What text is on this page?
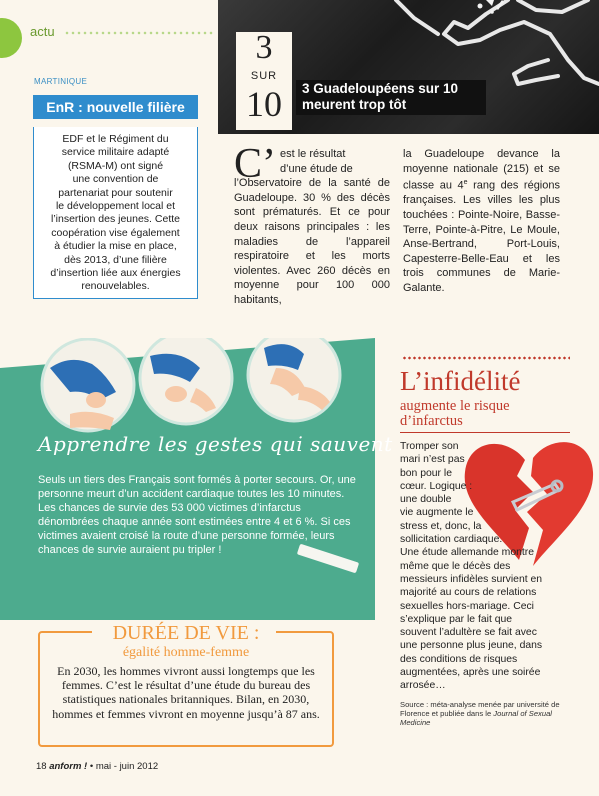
actu
MARTINIQUE
EnR : nouvelle filière
EDF et le Régiment du
service militaire adapté
(RSMA-M) ont signé
une convention de
partenariat pour soutenir
le développement local et
l’insertion des jeunes. Cette
coopération vise également
à étudier la mise en place,
dès 2013, d’une filière
d’insertion liée aux énergies
renouvelables.
3
SUR
10	3 Guadeloupéens sur 10
meurent trop tôt
C’ est le résultat
d’une étude de
l’Observatoire de la santé de Guadeloupe. 30 % des décès sont prématurés. Et ce pour deux raisons principales : les maladies de l’appareil respiratoire et les morts violentes. Avec 260 décès en moyenne pour 100 000 habitants,
la Guadeloupe devance la moyenne nationale (215) et se classe au 4e rang des régions françaises. Les villes les plus touchées : Pointe-Noire, Basse-Terre, Pointe-à-Pitre, Le Moule, Anse-Bertrand, Port-Louis, Capesterre-Belle-Eau et les trois communes de Marie-Galante.
Apprendre les gestes qui sauvent
Seuls un tiers des Français sont formés à porter secours. Or, une personne meurt d’un accident cardiaque toutes les 10 minutes. Les chances de survie des 53 000 victimes d’infarctus dénombrées chaque année sont estimées entre 4 et 6 %. Si ces victimes avaient croisé la route d’une personne formée, leurs chances de survie auraient pu tripler !
DURÉE DE VIE :
égalité homme-femme
En 2030, les hommes vivront aussi longtemps que les femmes. C’est le résultat d’une étude du bureau des statistiques nationales britanniques. Bilan, en 2030, hommes et femmes vivront en moyenne jusqu’à 87 ans.
18 anform ! • mai - juin 2012
L’infidélité
augmente le risque
d’infarctus
Tromper son
mari n’est pas
bon pour le
cœur. Logique :
une double
vie augmente le
stress et, donc, la
sollicitation cardiaque.
Une étude allemande montre même que le décès des messieurs infidèles survient en majorité au cours de relations sexuelles hors-mariage. Ceci s’explique par le fait que souvent l’adultère se fait avec une personne plus jeune, dans des conditions de risques augmentées, après une soirée arrosée…
Source : méta-analyse menée par université de Florence et publiée dans le Journal of Sexual Medicine
